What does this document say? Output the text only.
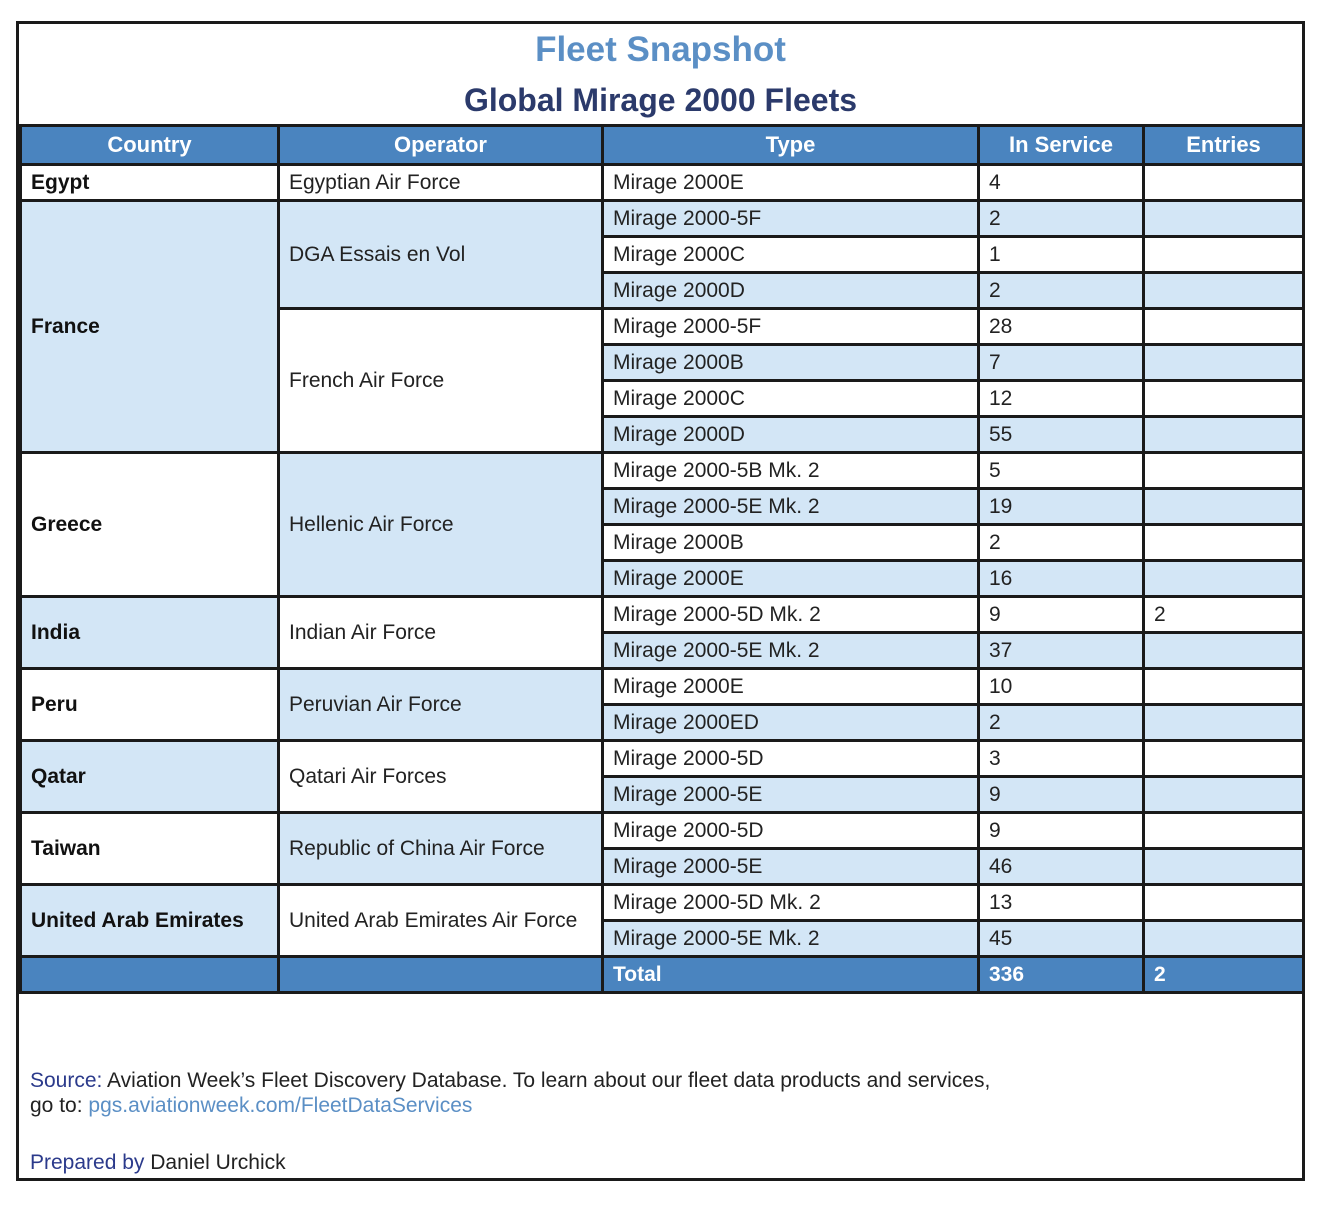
Fleet Snapshot
Global Mirage 2000 Fleets
Country	Operator	Type	In Service	Entries
Egypt	Egyptian Air Force	Mirage 2000E	4	
France	DGA Essais en Vol	Mirage 2000-5F	2	
		Mirage 2000C	1	
		Mirage 2000D	2	
	French Air Force	Mirage 2000-5F	28	
		Mirage 2000B	7	
		Mirage 2000C	12	
		Mirage 2000D	55	
Greece	Hellenic Air Force	Mirage 2000-5B Mk. 2	5	
		Mirage 2000-5E Mk. 2	19	
		Mirage 2000B	2	
		Mirage 2000E	16	
India	Indian Air Force	Mirage 2000-5D Mk. 2	9	2
		Mirage 2000-5E Mk. 2	37	
Peru	Peruvian Air Force	Mirage 2000E	10	
		Mirage 2000ED	2	
Qatar	Qatari Air Forces	Mirage 2000-5D	3	
		Mirage 2000-5E	9	
Taiwan	Republic of China Air Force	Mirage 2000-5D	9	
		Mirage 2000-5E	46	
United Arab Emirates	United Arab Emirates Air Force	Mirage 2000-5D Mk. 2	13	
		Mirage 2000-5E Mk. 2	45	
		Total	336	2
Source: Aviation Week’s Fleet Discovery Database. To learn about our fleet data products and services,
go to: pgs.aviationweek.com/FleetDataServices
Prepared by Daniel Urchick
